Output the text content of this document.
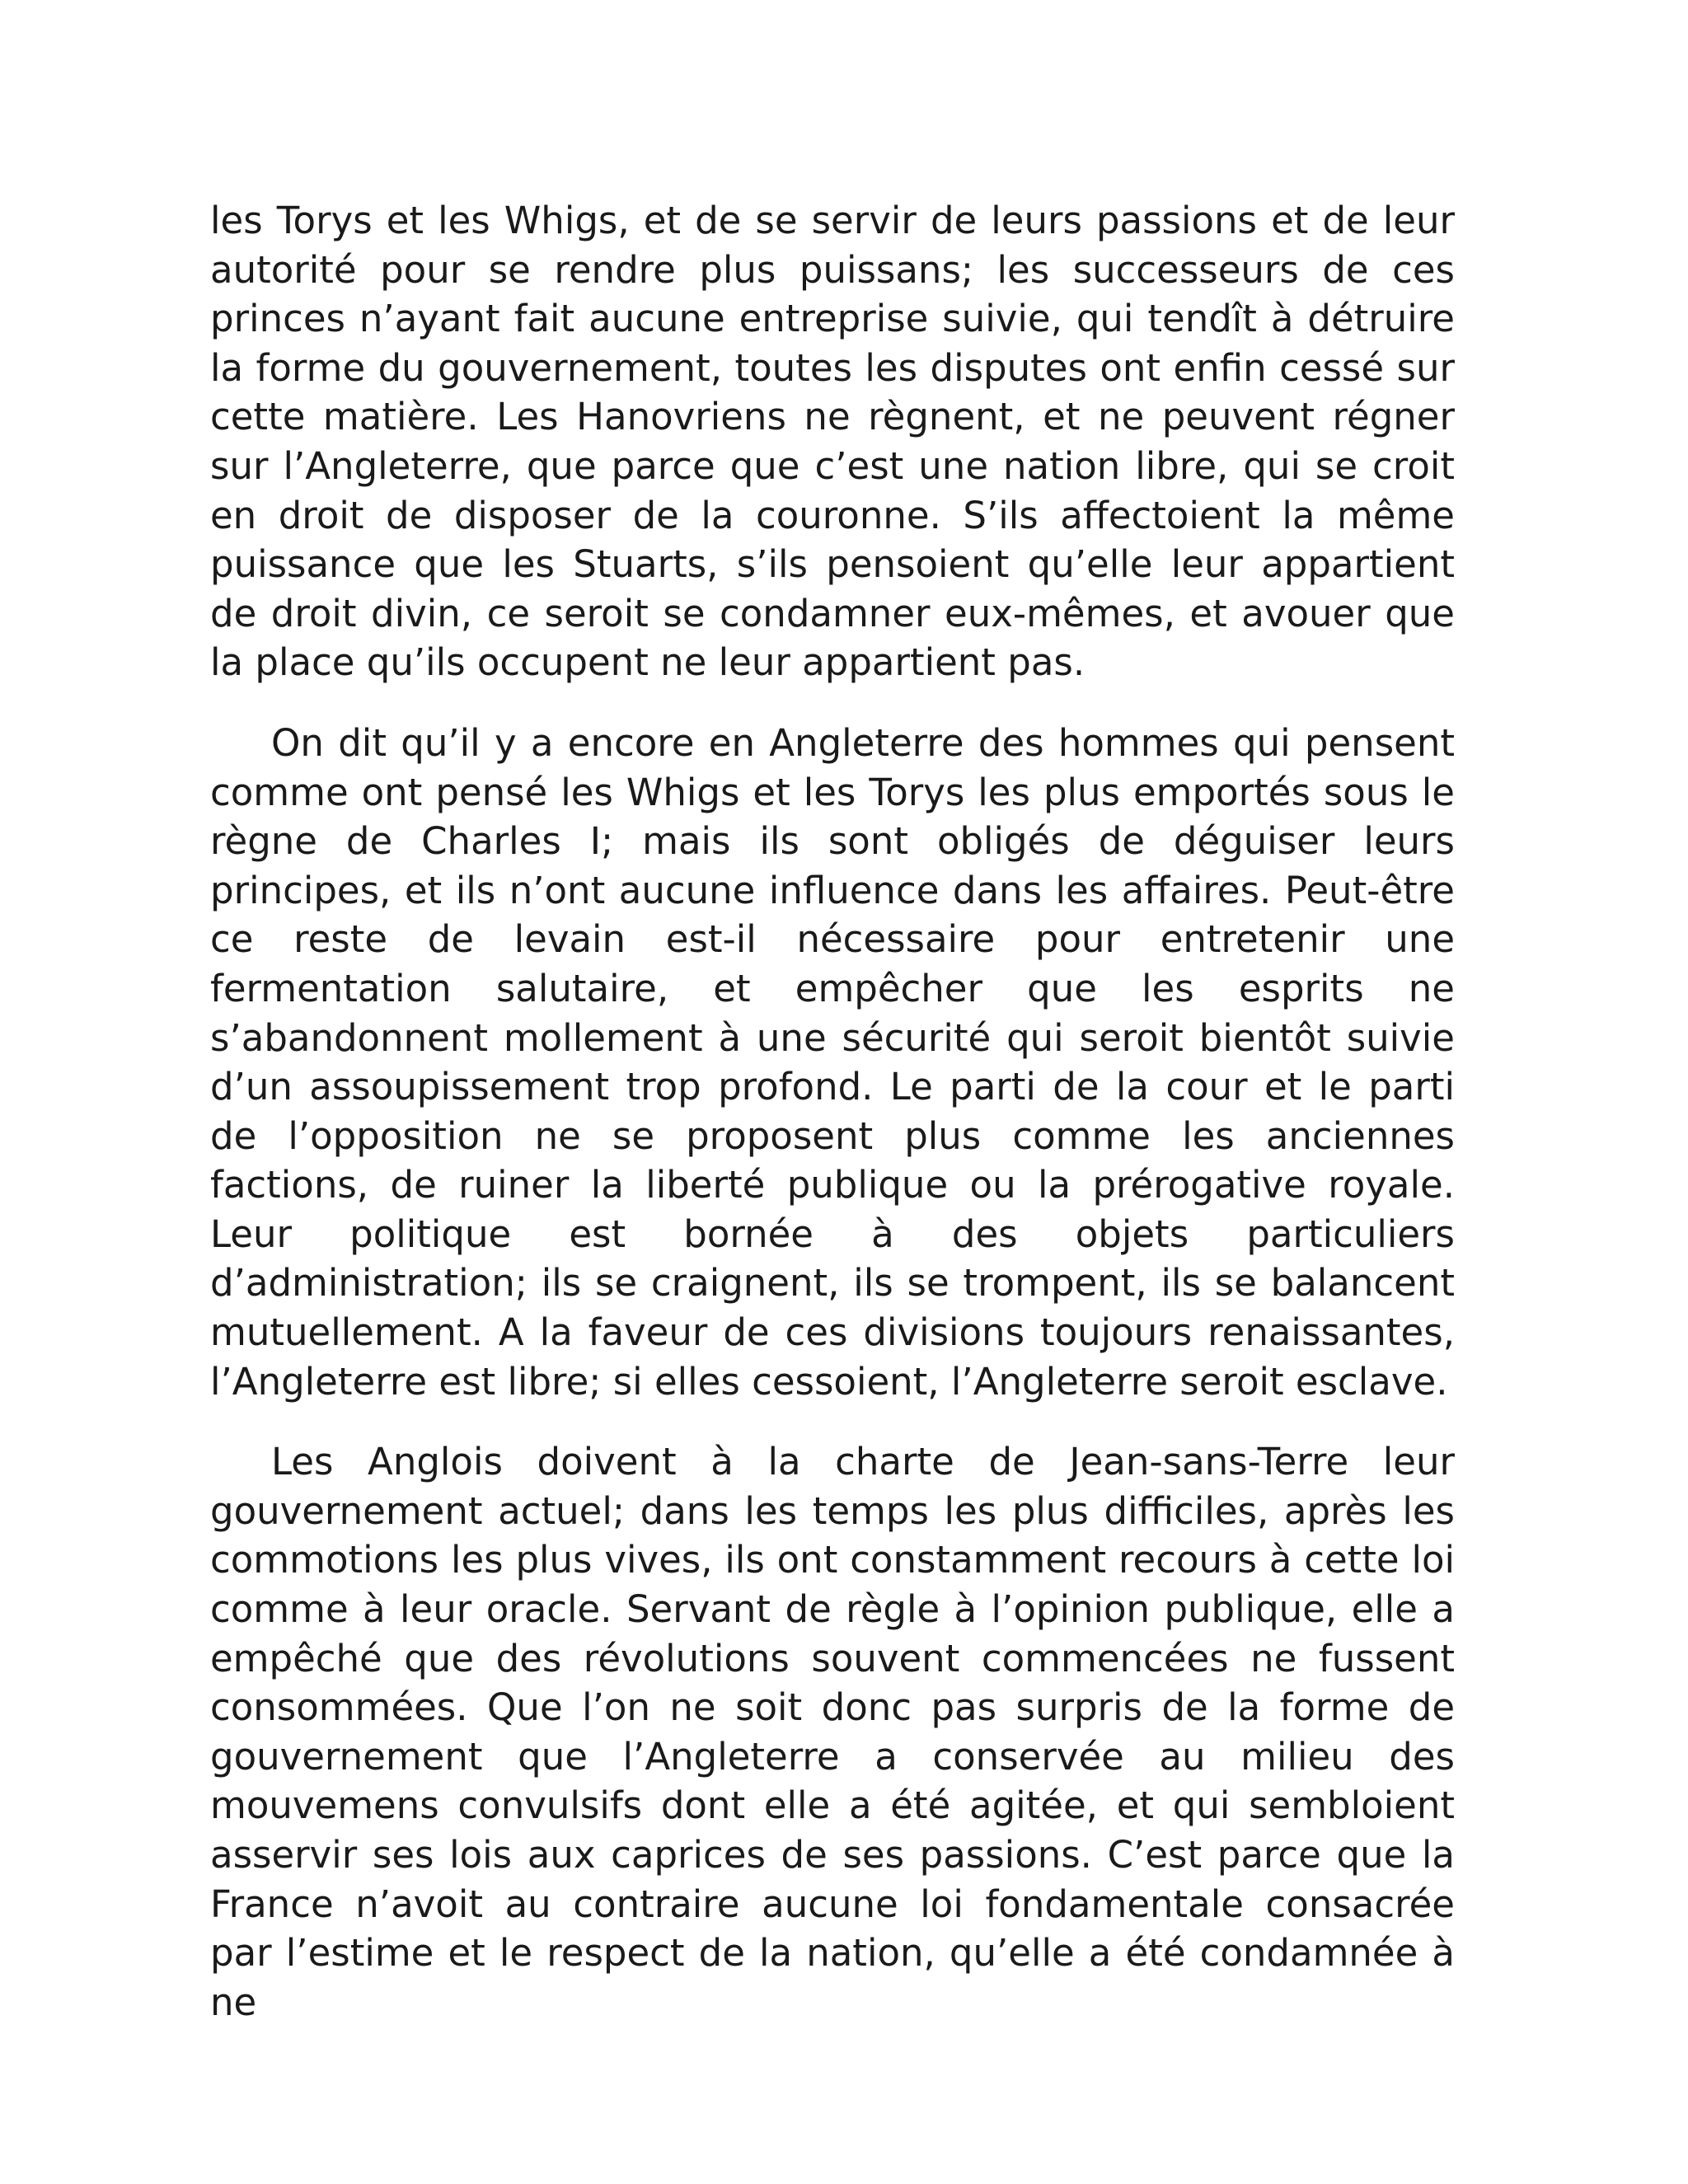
les Torys et les Whigs, et de se servir de leurs passions et de leur autorité pour se rendre plus puissans; les successeurs de ces princes n’ayant fait aucune entreprise suivie, qui tendît à détruire la forme du gouvernement, toutes les disputes ont enfin cessé sur cette matière. Les Hanovriens ne règnent, et ne peuvent régner sur l’Angleterre, que parce que c’est une nation libre, qui se croit en droit de disposer de la couronne. S’ils affectoient la même puissance que les Stuarts, s’ils pensoient qu’elle leur appartient de droit divin, ce seroit se condamner eux-mêmes, et avouer que la place qu’ils occupent ne leur appartient pas.

On dit qu’il y a encore en Angleterre des hommes qui pensent comme ont pensé les Whigs et les Torys les plus emportés sous le règne de Charles I; mais ils sont obligés de déguiser leurs principes, et ils n’ont aucune influence dans les affaires. Peut-être ce reste de levain est-il nécessaire pour entretenir une fermentation salutaire, et empêcher que les esprits ne s’abandonnent mollement à une sécurité qui seroit bientôt suivie d’un assoupissement trop profond. Le parti de la cour et le parti de l’opposition ne se proposent plus comme les anciennes factions, de ruiner la liberté publique ou la prérogative royale. Leur politique est bornée à des objets particuliers d’administration; ils se craignent, ils se trompent, ils se balancent mutuellement. A la faveur de ces divisions toujours renaissantes, l’Angleterre est libre; si elles cessoient, l’Angleterre seroit esclave.

Les Anglois doivent à la charte de Jean-sans-Terre leur gouvernement actuel; dans les temps les plus difficiles, après les commotions les plus vives, ils ont constamment recours à cette loi comme à leur oracle. Servant de règle à l’opinion publique, elle a empêché que des révolutions souvent commencées ne fussent consommées. Que l’on ne soit donc pas surpris de la forme de gouvernement que l’Angleterre a conservée au milieu des mouvemens convulsifs dont elle a été agitée, et qui sembloient asservir ses lois aux caprices de ses passions. C’est parce que la France n’avoit au contraire aucune loi fondamentale consacrée par l’estime et le respect de la nation, qu’elle a été condamnée à ne
